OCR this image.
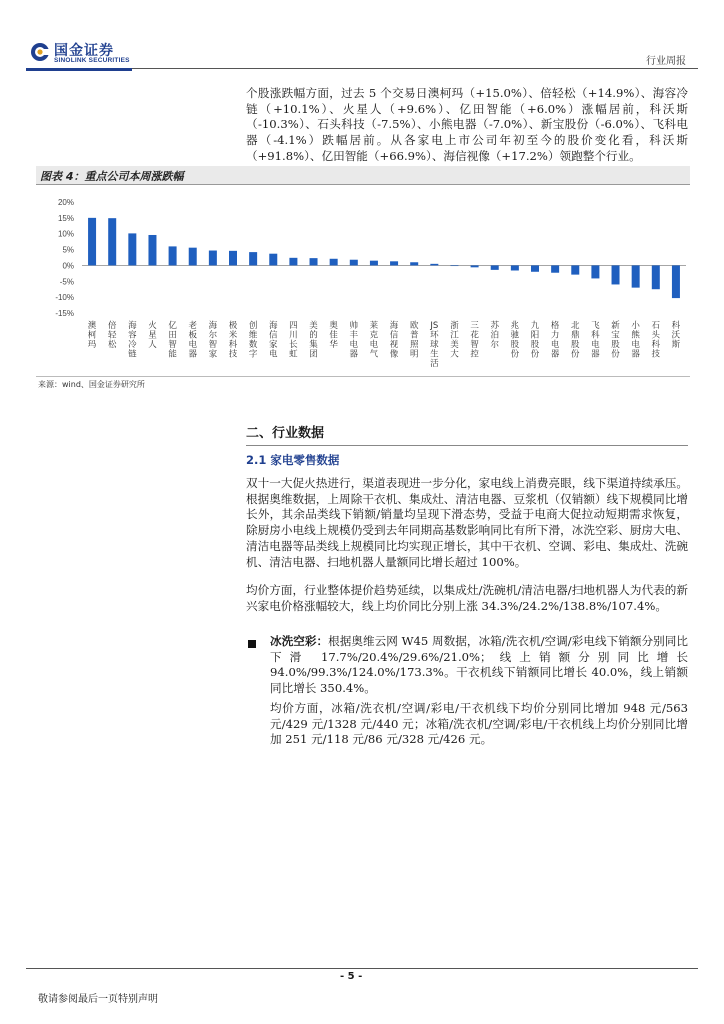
国金证券
SINOLINK SECURITIES	行业周报
个股涨跌幅方面，过去 5 个交易日澳柯玛（+15.0%）、倍轻松（+14.9%）、海容冷链（+10.1%）、火星人（+9.6%）、亿田智能（+6.0%）涨幅居前，科沃斯（-10.3%）、石头科技（-7.5%）、小熊电器（-7.0%）、新宝股份（-6.0%）、飞科电器（-4.1%）跌幅居前。从各家电上市公司年初至今的股价变化看，科沃斯（+91.8%）、亿田智能（+66.9%）、海信视像（+17.2%）领跑整个行业。
图表 4：重点公司本周涨跌幅
20%
15%
10%
5%
0%
-5%
-10%
-15%
澳
柯
玛
倍
轻
松
海
容
冷
链
火
星
人
亿
田
智
能
老
板
电
器
海
尔
智
家
极
米
科
技
创
维
数
字
海
信
家
电
四
川
长
虹
美
的
集
团
奥
佳
华
帅
丰
电
器
莱
克
电
气
海
信
视
像
欧
普
照
明
JS
环
球
生
活
浙
江
美
大
三
花
智
控
苏
泊
尔
兆
驰
股
份
九
阳
股
份
格
力
电
器
北
鼎
股
份
飞
科
电
器
新
宝
股
份
小
熊
电
器
石
头
科
技
科
沃
斯
来源：wind、国金证券研究所
二、行业数据
2.1 家电零售数据
双十一大促火热进行，渠道表现进一步分化，家电线上消费亮眼，线下渠道持续承压。根据奥维数据，上周除干衣机、集成灶、清洁电器、豆浆机（仅销额）线下规模同比增长外，其余品类线下销额/销量均呈现下滑态势，受益于电商大促拉动短期需求恢复，除厨房小电线上规模仍受到去年同期高基数影响同比有所下滑，冰洗空彩、厨房大电、清洁电器等品类线上规模同比均实现正增长，其中干衣机、空调、彩电、集成灶、洗碗机、清洁电器、扫地机器人量额同比增长超过 100%。
均价方面，行业整体提价趋势延续，以集成灶/洗碗机/清洁电器/扫地机器人为代表的新兴家电价格涨幅较大，线上均价同比分别上涨 34.3%/24.2%/138.8%/107.4%。
冰洗空彩：根据奥维云网 W45 周数据，冰箱/洗衣机/空调/彩电线下销额分别同比下滑 17.7%/20.4%/29.6%/21.0%；线上销额分别同比增长 94.0%/99.3%/124.0%/173.3%。干衣机线下销额同比增长 40.0%，线上销额同比增长 350.4%。
均价方面，冰箱/洗衣机/空调/彩电/干衣机线下均价分别同比增加 948 元/563 元/429 元/1328 元/440 元；冰箱/洗衣机/空调/彩电/干衣机线上均价分别同比增加 251 元/118 元/86 元/328 元/426 元。
- 5 -
敬请参阅最后一页特别声明
